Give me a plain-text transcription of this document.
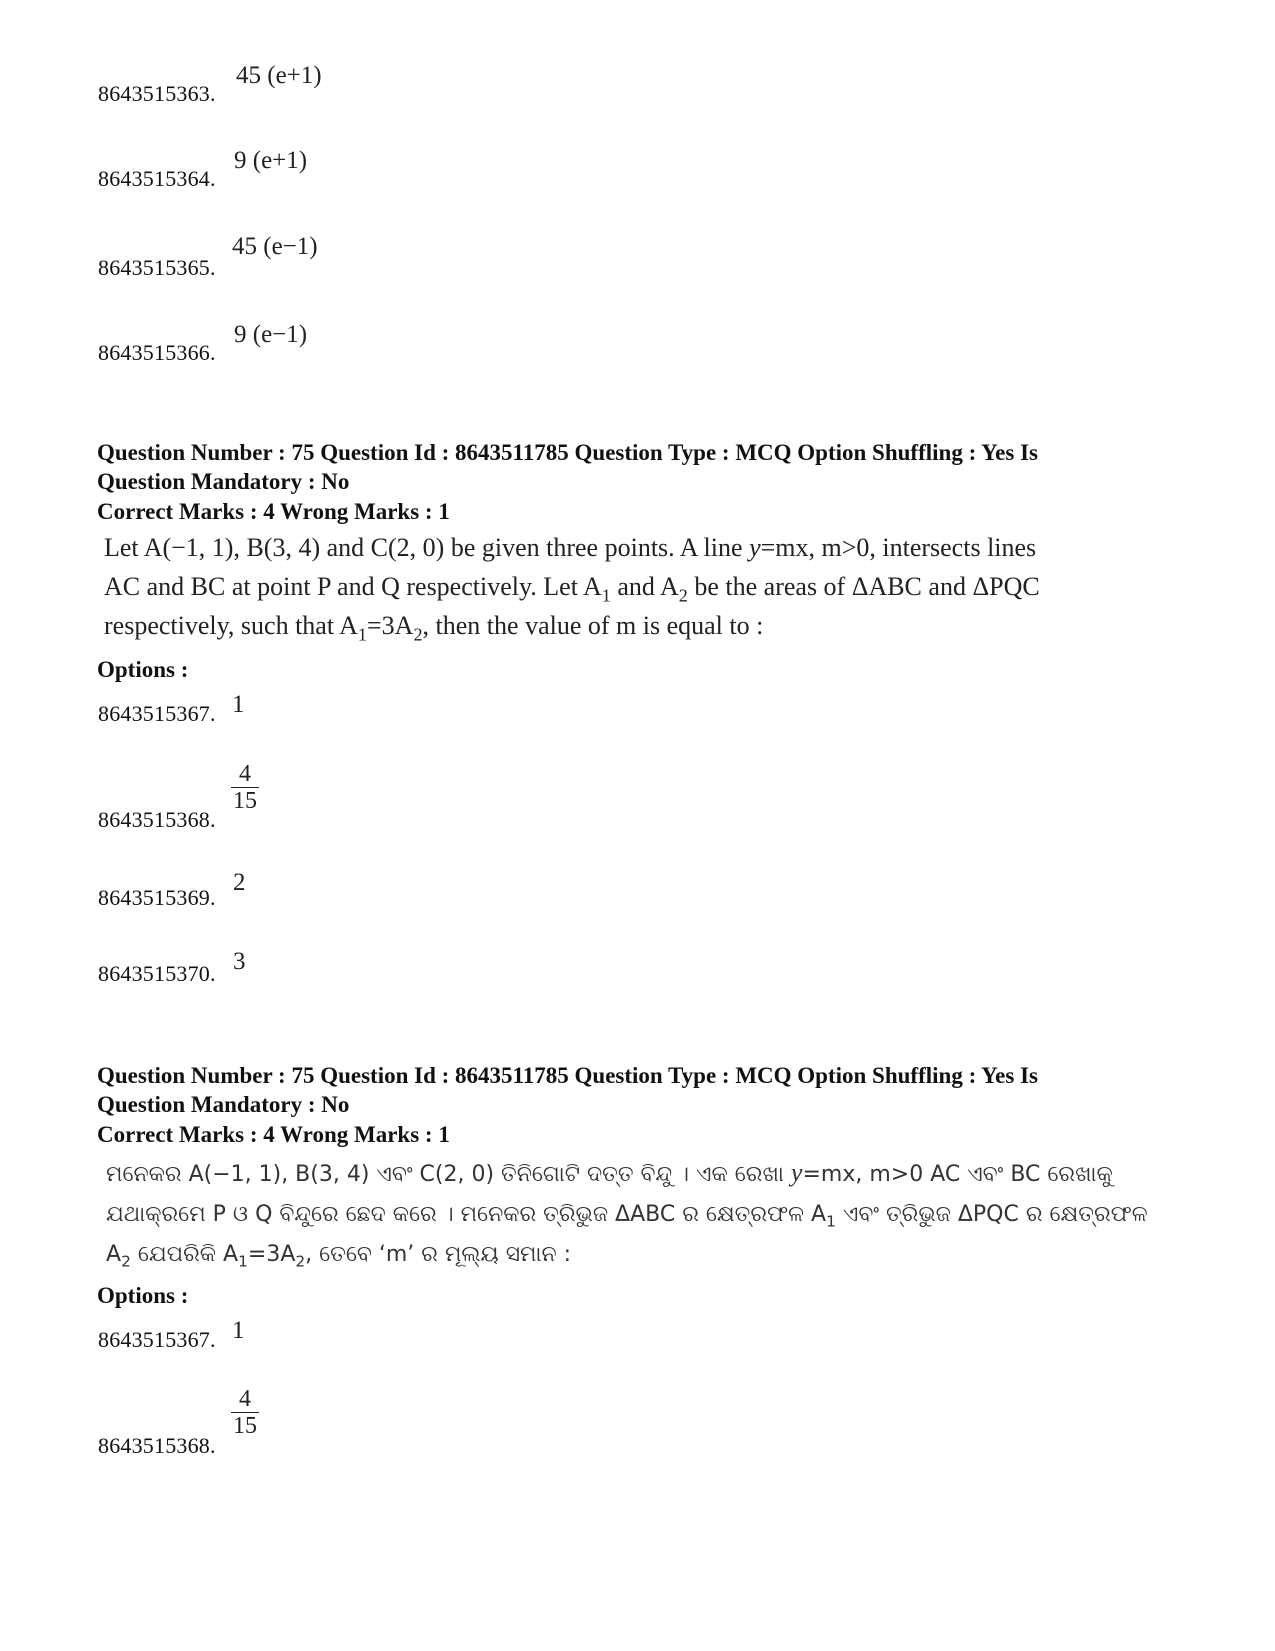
8643515363.
45 (e+1)
8643515364.
9 (e+1)
8643515365.
45 (e−1)
8643515366.
9 (e−1)
Question Number : 75 Question Id : 8643511785 Question Type : MCQ Option Shuffling : Yes Is
Question Mandatory : No
Correct Marks : 4 Wrong Marks : 1
Let A(−1, 1), B(3, 4) and C(2, 0) be given three points. A line y=mx, m>0, intersects lines
AC and BC at point P and Q respectively. Let $A_1$ and $A_2$ be the areas of ΔABC and ΔPQC
respectively, such that $A_1=3A_2$, then the value of m is equal to :
Options :
8643515367. 1
8643515368.
$\frac{4}{15}$
8643515369.
2
8643515370. 3
Question Number : 75 Question Id : 8643511785 Question Type : MCQ Option Shuffling : Yes Is
Question Mandatory : No
Correct Marks : 4 Wrong Marks : 1
ମନେକର A(−1, 1), B(3, 4) ଏବଂ C(2, 0) ତିନିଗୋଟି ଦତ୍ତ ବିନ୍ଦୁ । ଏକ ରେଖା y=mx, m>0 AC ଏବଂ BC ରେଖାକୁ
ଯଥାକ୍ରମେ P ଓ Q ବିନ୍ଦୁରେ ଛେଦ କରେ । ମନେକର ତ୍ରିଭୁଜ ΔABC ର କ୍ଷେତ୍ରଫଳ $A_1$ ଏବଂ ତ୍ରିଭୁଜ ΔPQC ର କ୍ଷେତ୍ରଫଳ
$A_2$ ଯେପରିକି $A_1=3A_2$, ତେବେ ‘m’ ର ମୂଲ୍ୟ ସମାନ :
Options :
8643515367. 1
8643515368.
$\frac{4}{15}$
